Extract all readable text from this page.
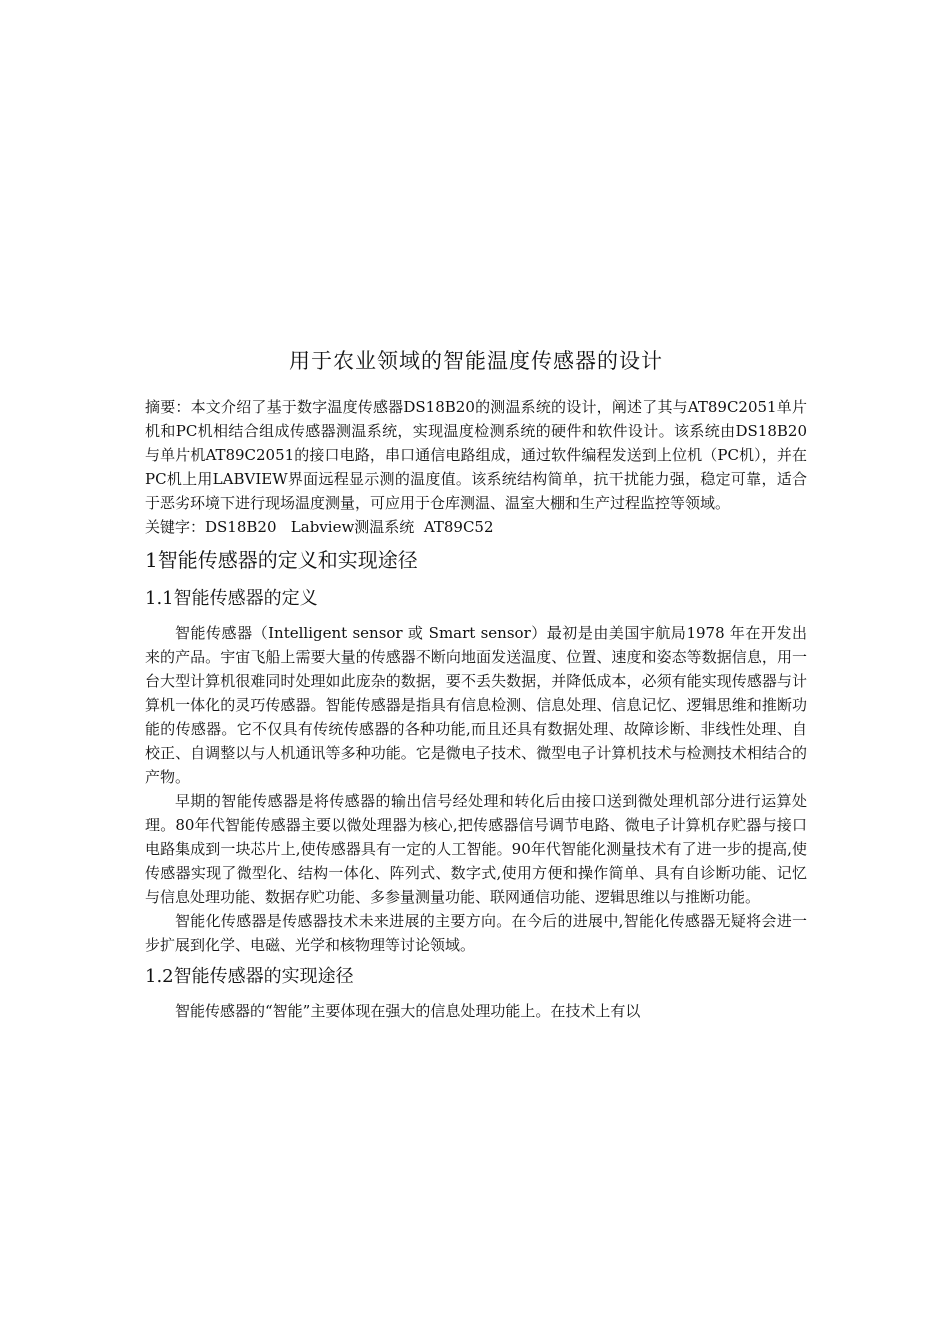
用于农业领域的智能温度传感器的设计

摘要：本文介绍了基于数字温度传感器DS18B20的测温系统的设计，阐述了其与AT89C2051单片机和PC机相结合组成传感器测温系统，实现温度检测系统的硬件和软件设计。该系统由DS18B20与单片机AT89C2051的接口电路，串口通信电路组成，通过软件编程发送到上位机（PC机），并在PC机上用LABVIEW界面远程显示测的温度值。该系统结构简单，抗干扰能力强，稳定可靠，适合于恶劣环境下进行现场温度测量，可应用于仓库测温、温室大棚和生产过程监控等领域。

关键字：DS18B20   Labview测温系统  AT89C52

1智能传感器的定义和实现途径
1.1智能传感器的定义

智能传感器（Intelligent sensor 或 Smart sensor）最初是由美国宇航局1978 年在开发出来的产品。宇宙飞船上需要大量的传感器不断向地面发送温度、位置、速度和姿态等数据信息，用一台大型计算机很难同时处理如此庞杂的数据，要不丢失数据，并降低成本，必须有能实现传感器与计算机一体化的灵巧传感器。智能传感器是指具有信息检测、信息处理、信息记忆、逻辑思维和推断功能的传感器。它不仅具有传统传感器的各种功能,而且还具有数据处理、故障诊断、非线性处理、自校正、自调整以与人机通讯等多种功能。它是微电子技术、微型电子计算机技术与检测技术相结合的产物。

早期的智能传感器是将传感器的输出信号经处理和转化后由接口送到微处理机部分进行运算处理。80年代智能传感器主要以微处理器为核心,把传感器信号调节电路、微电子计算机存贮器与接口电路集成到一块芯片上,使传感器具有一定的人工智能。90年代智能化测量技术有了进一步的提高,使传感器实现了微型化、结构一体化、阵列式、数字式,使用方便和操作简单、具有自诊断功能、记忆与信息处理功能、数据存贮功能、多参量测量功能、联网通信功能、逻辑思维以与推断功能。

智能化传感器是传感器技术未来进展的主要方向。在今后的进展中,智能化传感器无疑将会进一步扩展到化学、电磁、光学和核物理等讨论领域。

1.2智能传感器的实现途径

智能传感器的“智能”主要体现在强大的信息处理功能上。在技术上有以
